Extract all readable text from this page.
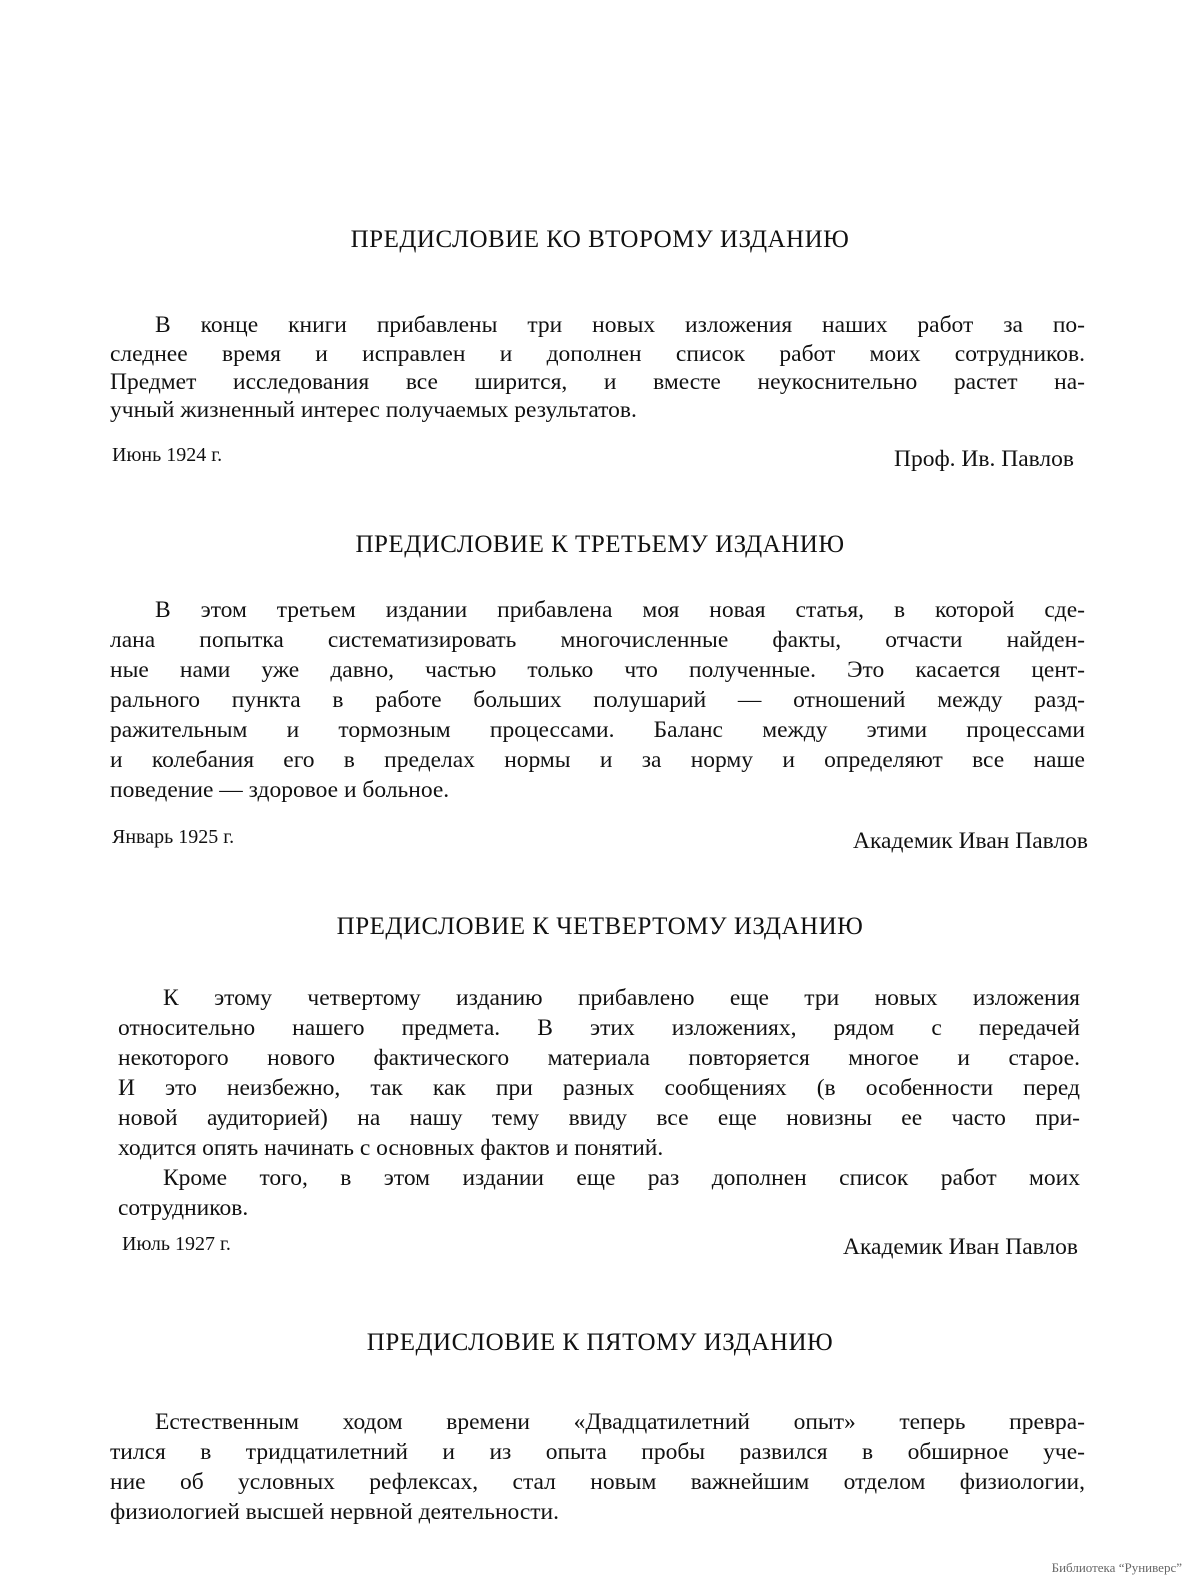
ПРЕДИСЛОВИЕ КО ВТОРОМУ ИЗДАНИЮ
В конце книги прибавлены три новых изложения наших работ за по-
следнее время и исправлен и дополнен список работ моих сотрудников.
Предмет исследования все ширится, и вместе неукоснительно растет на-
учный жизненный интерес получаемых результатов.
Июнь 1924 г.	Проф. Ив. Павлов
ПРЕДИСЛОВИЕ К ТРЕТЬЕМУ ИЗДАНИЮ
В этом третьем издании прибавлена моя новая статья, в которой сде-
лана попытка систематизировать многочисленные факты, отчасти найден-
ные нами уже давно, частью только что полученные. Это касается цент-
рального пункта в работе больших полушарий — отношений между разд-
ражительным и тормозным процессами. Баланс между этими процессами
и колебания его в пределах нормы и за норму и определяют все наше
поведение — здоровое и больное.
Январь 1925 г.	Академик Иван Павлов
ПРЕДИСЛОВИЕ К ЧЕТВЕРТОМУ ИЗДАНИЮ
К этому четвертому изданию прибавлено еще три новых изложения
относительно нашего предмета. В этих изложениях, рядом с передачей
некоторого нового фактического материала повторяется многое и старое.
И это неизбежно, так как при разных сообщениях (в особенности перед
новой аудиторией) на нашу тему ввиду все еще новизны ее часто при-
ходится опять начинать с основных фактов и понятий.
Кроме того, в этом издании еще раз дополнен список работ моих
сотрудников.
Июль 1927 г.	Академик Иван Павлов
ПРЕДИСЛОВИЕ К ПЯТОМУ ИЗДАНИЮ
Естественным ходом времени «Двадцатилетний опыт» теперь превра-
тился в тридцатилетний и из опыта пробы развился в обширное уче-
ние об условных рефлексах, стал новым важнейшим отделом физиологии,
физиологией высшей нервной деятельности.
Библиотека “Руниверс”
